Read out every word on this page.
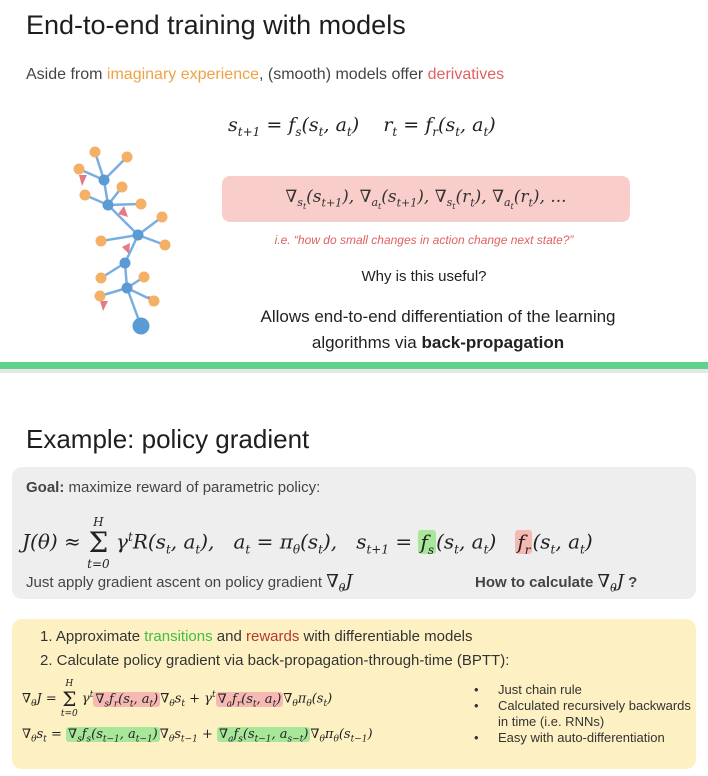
End-to-end training with models
Aside from imaginary experience, (smooth) models offer derivatives
$s_{t+1} = f_s(s_t$, $a_t$)    $r_t = f_r(s_t$, $a_t$)
$\nabla_{s_t}(s_{t+1})$, $\nabla_{a_t}(s_{t+1})$, $\nabla_{s_t}(r_t)$, $\nabla_{a_t}(r_t)$, ...
i.e. “how do small changes in action change next state?”
Why is this useful?
Allows end-to-end differentiation of the learning
algorithms via back-propagation
Example: policy gradient
Goal: maximize reward of parametric policy:
J(θ) ≈
H
Σ
t=0
$\gamma^tR(s_t$, $a_t$),   $a_t = \pi_\theta(s_t)$,   $s_{t+1} = f_s$ ($s_t$, $a_t$)   $f_r$ ($s_t$, $a_t$)
Just apply gradient ascent on policy gradient $\nabla_\theta J$	How to calculate $\nabla_\theta J$ ?
1. Approximate transitions and rewards with differentiable models
2. Calculate policy gradient via back-propagation-through-time (BPTT):
$\nabla_\theta J$ =
H
Σ
t=0
$\gamma^t$ $\nabla_sf_r(s_t$, $a_t$) $\nabla_\theta s_t + \gamma^t$ $\nabla_af_r(s_t$, $a_t$) $\nabla_\theta\pi_\theta(s_t)$
$\nabla_\theta s_t = \nabla_sf_s(s_{t-1}$, $a_{t-1}$) $\nabla_\theta s_{t-1} + \nabla_af_s(s_{t-1}$, $a_{s-t}$) $\nabla_\theta\pi_\theta(s_{t-1})$
• Just chain rule
• Calculated recursively backwards in time (i.e. RNNs)
• Easy with auto-differentiation
